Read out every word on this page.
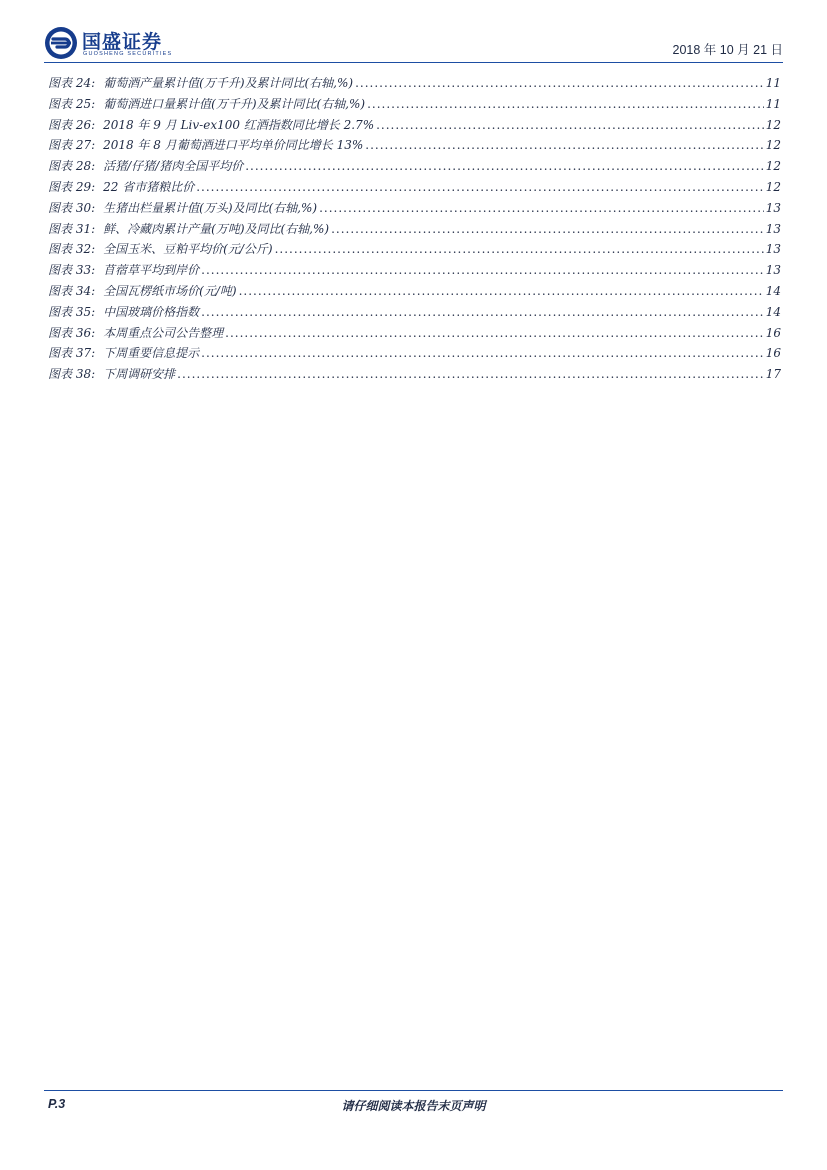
国盛证券
GUOSHENG SECURITIES	2018 年 10 月 21 日
图表 24: 葡萄酒产量累计值(万千升)及累计同比(右轴,%) .....	11
图表 25: 葡萄酒进口量累计值(万千升)及累计同比(右轴,%) .....	11
图表 26: 2018 年 9 月 Liv-ex100 红酒指数同比增长 2.7% .....	12
图表 27: 2018 年 8 月葡萄酒进口平均单价同比增长 13% .....	12
图表 28: 活猪/仔猪/猪肉全国平均价 .....	12
图表 29: 22 省市猪粮比价 .....	12
图表 30: 生猪出栏量累计值(万头)及同比(右轴,%) .....	13
图表 31: 鲜、冷藏肉累计产量(万吨)及同比(右轴,%) .....	13
图表 32: 全国玉米、豆粕平均价(元/公斤) .....	13
图表 33: 苜蓿草平均到岸价 .....	13
图表 34: 全国瓦楞纸市场价(元/吨) .....	14
图表 35: 中国玻璃价格指数 .....	14
图表 36: 本周重点公司公告整理 .....	16
图表 37: 下周重要信息提示 .....	16
图表 38: 下周调研安排 .....	17
P.3	请仔细阅读本报告末页声明
